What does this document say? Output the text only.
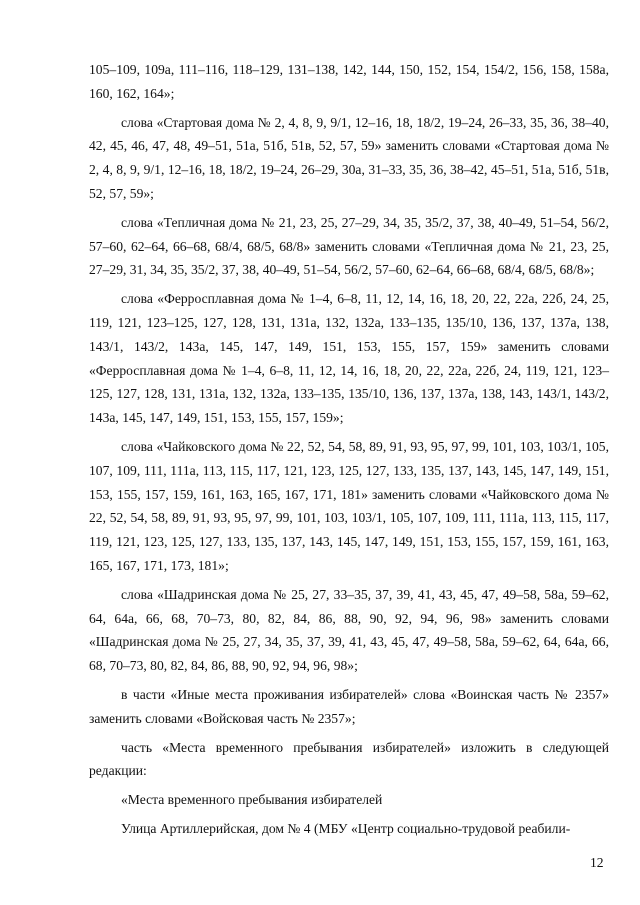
105–109, 109а, 111–116, 118–129, 131–138, 142, 144, 150, 152, 154, 154/2, 156, 158, 158а, 160, 162, 164»;

слова «Стартовая дома № 2, 4, 8, 9, 9/1, 12–16, 18, 18/2, 19–24, 26–33, 35, 36, 38–40, 42, 45, 46, 47, 48, 49–51, 51а, 51б, 51в, 52, 57, 59» заменить словами «Стартовая дома № 2, 4, 8, 9, 9/1, 12–16, 18, 18/2, 19–24, 26–29, 30а, 31–33, 35, 36, 38–42, 45–51, 51а, 51б, 51в, 52, 57, 59»;

слова «Тепличная дома № 21, 23, 25, 27–29, 34, 35, 35/2, 37, 38, 40–49, 51–54, 56/2, 57–60, 62–64, 66–68, 68/4, 68/5, 68/8» заменить словами «Тепличная дома № 21, 23, 25, 27–29, 31, 34, 35, 35/2, 37, 38, 40–49, 51–54, 56/2, 57–60, 62–64, 66–68, 68/4, 68/5, 68/8»;

слова «Ферросплавная дома № 1–4, 6–8, 11, 12, 14, 16, 18, 20, 22, 22а, 22б, 24, 25, 119, 121, 123–125, 127, 128, 131, 131а, 132, 132а, 133–135, 135/10, 136, 137, 137а, 138, 143/1, 143/2, 143а, 145, 147, 149, 151, 153, 155, 157, 159» заменить словами «Ферросплавная дома № 1–4, 6–8, 11, 12, 14, 16, 18, 20, 22, 22а, 22б, 24, 119, 121, 123–125, 127, 128, 131, 131а, 132, 132а, 133–135, 135/10, 136, 137, 137а, 138, 143, 143/1, 143/2, 143а, 145, 147, 149, 151, 153, 155, 157, 159»;

слова «Чайковского дома № 22, 52, 54, 58, 89, 91, 93, 95, 97, 99, 101, 103, 103/1, 105, 107, 109, 111, 111а, 113, 115, 117, 121, 123, 125, 127, 133, 135, 137, 143, 145, 147, 149, 151, 153, 155, 157, 159, 161, 163, 165, 167, 171, 181» заменить словами «Чайковского дома № 22, 52, 54, 58, 89, 91, 93, 95, 97, 99, 101, 103, 103/1, 105, 107, 109, 111, 111а, 113, 115, 117, 119, 121, 123, 125, 127, 133, 135, 137, 143, 145, 147, 149, 151, 153, 155, 157, 159, 161, 163, 165, 167, 171, 173, 181»;

слова «Шадринская дома № 25, 27, 33–35, 37, 39, 41, 43, 45, 47, 49–58, 58а, 59–62, 64, 64а, 66, 68, 70–73, 80, 82, 84, 86, 88, 90, 92, 94, 96, 98» заменить словами «Шадринская дома № 25, 27, 34, 35, 37, 39, 41, 43, 45, 47, 49–58, 58а, 59–62, 64, 64а, 66, 68, 70–73, 80, 82, 84, 86, 88, 90, 92, 94, 96, 98»;

в части «Иные места проживания избирателей» слова «Воинская часть № 2357» заменить словами «Войсковая часть № 2357»;

часть «Места временного пребывания избирателей» изложить в следующей редакции:

«Места временного пребывания избирателей

Улица Артиллерийская, дом № 4 (МБУ «Центр социально-трудовой реабили-

12
